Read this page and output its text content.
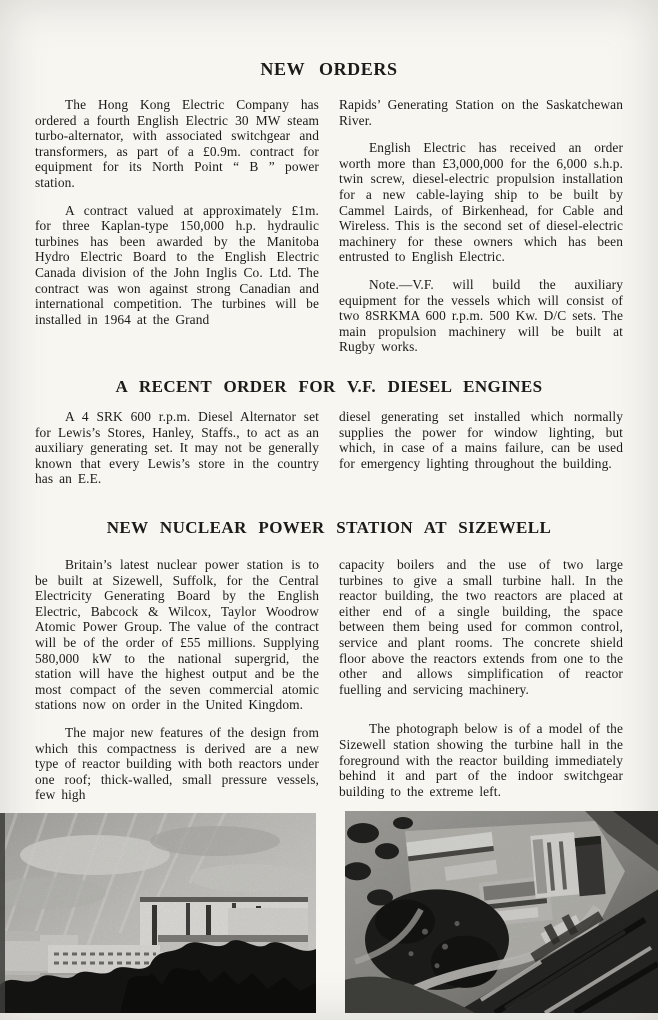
NEW ORDERS

The Hong Kong Electric Company has ordered a fourth English Electric 30 MW steam turbo-alternator, with associated switchgear and transformers, as part of a £0.9m. contract for equipment for its North Point “ B ” power station.

A contract valued at approximately £1m. for three Kaplan-type 150,000 h.p. hydraulic turbines has been awarded by the Manitoba Hydro Electric Board to the English Electric Canada division of the John Inglis Co. Ltd. The contract was won against strong Canadian and international competition. The turbines will be installed in 1964 at the Grand

Rapids’ Generating Station on the Saskatchewan River.

English Electric has received an order worth more than £3,000,000 for the 6,000 s.h.p. twin screw, diesel-electric propulsion installation for a new cable-laying ship to be built by Cammel Lairds, of Birkenhead, for Cable and Wireless. This is the second set of diesel-electric machinery for these owners which has been entrusted to English Electric.

Note.—V.F. will build the auxiliary equipment for the vessels which will consist of two 8SRKMA 600 r.p.m. 500 Kw. D/C sets. The main propulsion machinery will be built at Rugby works.

A RECENT ORDER FOR V.F. DIESEL ENGINES

A 4 SRK 600 r.p.m. Diesel Alternator set for Lewis’s Stores, Hanley, Staffs., to act as an auxiliary generating set. It may not be generally known that every Lewis’s store in the country has an E.E.

diesel generating set installed which normally supplies the power for window lighting, but which, in case of a mains failure, can be used for emergency lighting throughout the building.

NEW NUCLEAR POWER STATION AT SIZEWELL

Britain’s latest nuclear power station is to be built at Sizewell, Suffolk, for the Central Electricity Generating Board by the English Electric, Babcock & Wilcox, Taylor Woodrow Atomic Power Group. The value of the contract will be of the order of £55 millions. Supplying 580,000 kW to the national supergrid, the station will have the highest output and be the most compact of the seven commercial atomic stations now on order in the United Kingdom.

The major new features of the design from which this compactness is derived are a new type of reactor building with both reactors under one roof; thick-walled, small pressure vessels, few high

capacity boilers and the use of two large turbines to give a small turbine hall. In the reactor building, the two reactors are placed at either end of a single building, the space between them being used for common control, service and plant rooms. The concrete shield floor above the reactors extends from one to the other and allows simplification of reactor fuelling and servicing machinery.

The photograph below is of a model of the Sizewell station showing the turbine hall in the foreground with the reactor building immediately behind it and part of the indoor switchgear building to the extreme left.
